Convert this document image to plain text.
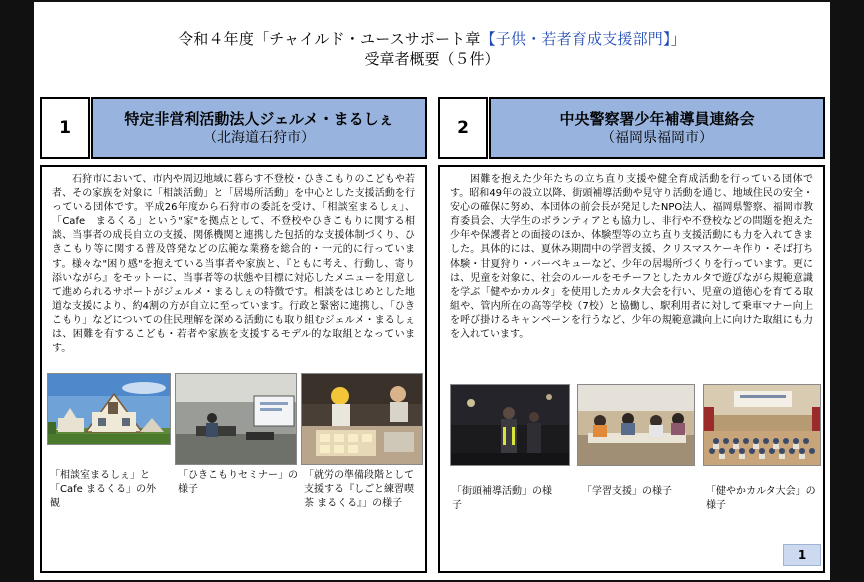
令和４年度「チャイルド・ユースサポート章【子供・若者育成支援部門】」
受章者概要（５件）
1	特定非営利活動法人ジェルメ・まるしぇ
（北海道石狩市）

石狩市において、市内や周辺地域に暮らす不登校・ひきこもりのこどもや若者、その家族を対象に「相談活動」と「居場所活動」を中心とした支援活動を行っている団体です。平成26年度から石狩市の委託を受け、「相談室まるしぇ」、「Cafe　まるくる」という"家"を拠点として、不登校やひきこもりに関する相談、当事者の成長自立の支援、関係機関と連携した包括的な支援体制づくり、ひきこもり等に関する普及啓発などの広範な業務を総合的・一元的に行っています。様々な"困り感"を抱えている当事者や家族と、『ともに考え、行動し、寄り添いながら』をモットーに、当事者等の状態や目標に対応したメニューを用意して進められるサポートがジェルメ・まるしぇの特徴です。相談をはじめとした地道な支援により、約4割の方が自立に至っています。行政と緊密に連携し、「ひきこもり」などについての住民理解を深める活動にも取り組むジェルメ・まるしぇは、困難を有するこども・若者や家族を支援するモデル的な取組となっています。

「相談室まるしぇ」と「Cafe まるくる」の外観

「ひきこもりセミナー」の様子

「就労の準備段階として支援する『しごと練習喫茶 まるくる』」の様子

2	中央警察署少年補導員連絡会
（福岡県福岡市）

困難を抱えた少年たちの立ち直り支援や健全育成活動を行っている団体です。昭和49年の設立以降、街頭補導活動や見守り活動を通じ、地域住民の安全・安心の確保に努め、本団体の前会長が発足したNPO法人、福岡県警察、福岡市教育委員会、大学生のボランティアとも協力し、非行や不登校などの問題を抱えた少年や保護者との面接のほか、体験型等の立ち直り支援活動にも力を入れてきました。具体的には、夏休み期間中の学習支援、クリスマスケーキ作り・そば打ち体験・甘夏狩り・バーベキューなど、少年の居場所づくりを行っています。更には、児童を対象に、社会のルールをモチーフとしたカルタで遊びながら規範意識を学ぶ「健やかカルタ」を使用したカルタ大会を行い、児童の道徳心を育てる取組や、管内所在の高等学校（7校）と協働し、駅利用者に対して乗車マナー向上を呼び掛けるキャンペーンを行うなど、少年の規範意識向上に向けた取組にも力を入れています。

「街頭補導活動」の様子

「学習支援」の様子	「健やかカルタ大会」の様子

1
